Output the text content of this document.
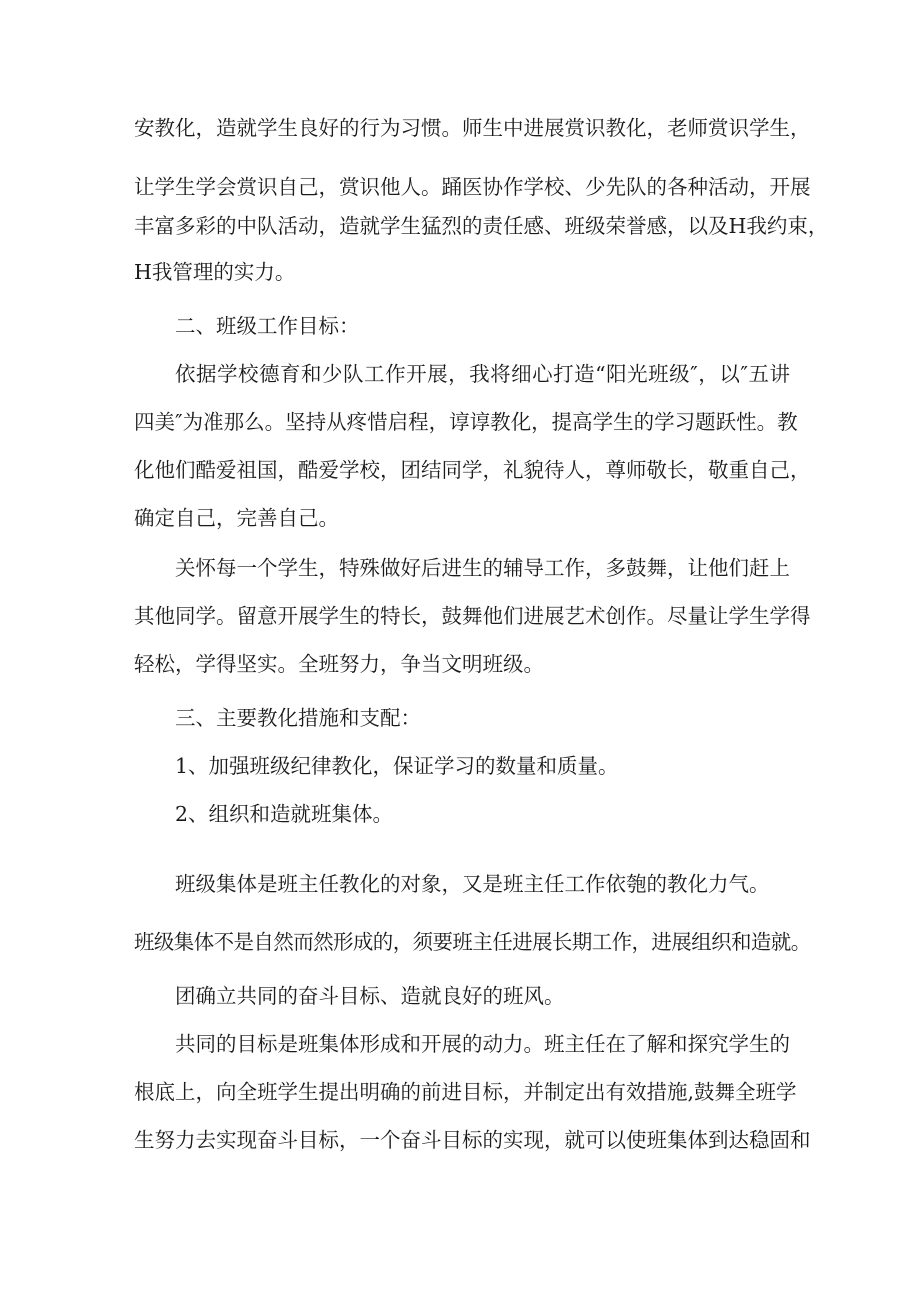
安教化，造就学生良好的行为习惯。师生中进展赏识教化，老师赏识学生，

让学生学会赏识自己，赏识他人。踊医协作学校、少先队的各种活动，开展

丰富多彩的中队活动，造就学生猛烈的责任感、班级荣誉感，以及H我约束，

H我管理的实力。

二、班级工作目标：

依据学校德育和少队工作开展，我将细心打造“阳光班级″，以″五讲

四美″为准那么。坚持从疼惜启程，谆谆教化，提高学生的学习题跃性。教

化他们酷爱祖国，酷爱学校，团结同学，礼貌待人，尊师敬长，敬重自己，

确定自己，完善自己。

关怀每一个学生，特殊做好后进生的辅导工作，多鼓舞，让他们赶上

其他同学。留意开展学生的特长，鼓舞他们进展艺术创作。尽量让学生学得

轻松，学得坚实。全班努力，争当文明班级。

三、主要教化措施和支配：

1、加强班级纪律教化，保证学习的数量和质量。

2、组织和造就班集体。

班级集体是班主任教化的对象，又是班主任工作依匏的教化力气。

班级集体不是自然而然形成的，须要班主任进展长期工作，进展组织和造就。

团确立共同的奋斗目标、造就良好的班风。

共同的目标是班集体形成和开展的动力。班主任在了解和探究学生的

根底上，向全班学生提出明确的前进目标，并制定出有效措施,鼓舞全班学

生努力去实现奋斗目标，一个奋斗目标的实现，就可以使班集体到达稳固和
